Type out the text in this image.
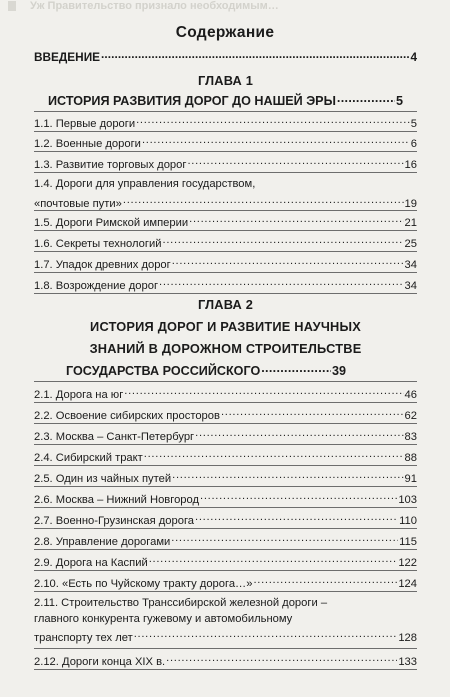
Уж Правительство признало необходимым…
Содержание
ВВЕДЕНИЕ . . .	4
ГЛАВА 1
ИСТОРИЯ РАЗВИТИЯ ДОРОГ ДО НАШЕЙ ЭРЫ . . .	5
1.1. Первые дороги . . .	5
1.2. Военные дороги . . .	6
1.3. Развитие торговых дорог . . .	16
1.4. Дороги для управления государством,
«почтовые пути» . . .	19
1.5. Дороги Римской империи . . .	21
1.6. Секреты технологий . . .	25
1.7. Упадок древних дорог . . .	34
1.8. Возрождение дорог . . .	34
ГЛАВА 2
ИСТОРИЯ ДОРОГ И РАЗВИТИЕ НАУЧНЫХ
ЗНАНИЙ В ДОРОЖНОМ СТРОИТЕЛЬСТВЕ
ГОСУДАРСТВА РОССИЙСКОГО . . .	39
2.1. Дорога на юг . . .	46
2.2. Освоение сибирских просторов . . .	62
2.3. Москва – Санкт-Петербург . . .	83
2.4. Сибирский тракт . . .	88
2.5. Один из чайных путей . . .	91
2.6. Москва – Нижний Новгород . . .	103
2.7. Военно-Грузинская дорога . . .	110
2.8. Управление дорогами . . .	115
2.9. Дорога на Каспий . . .	122
2.10. «Есть по Чуйскому тракту дорога…» . . .	124
2.11. Строительство Транссибирской железной дороги –
главного конкурента гужевому и автомобильному
транспорту тех лет . . .	128
2.12. Дороги конца XIX в. . . .	133
